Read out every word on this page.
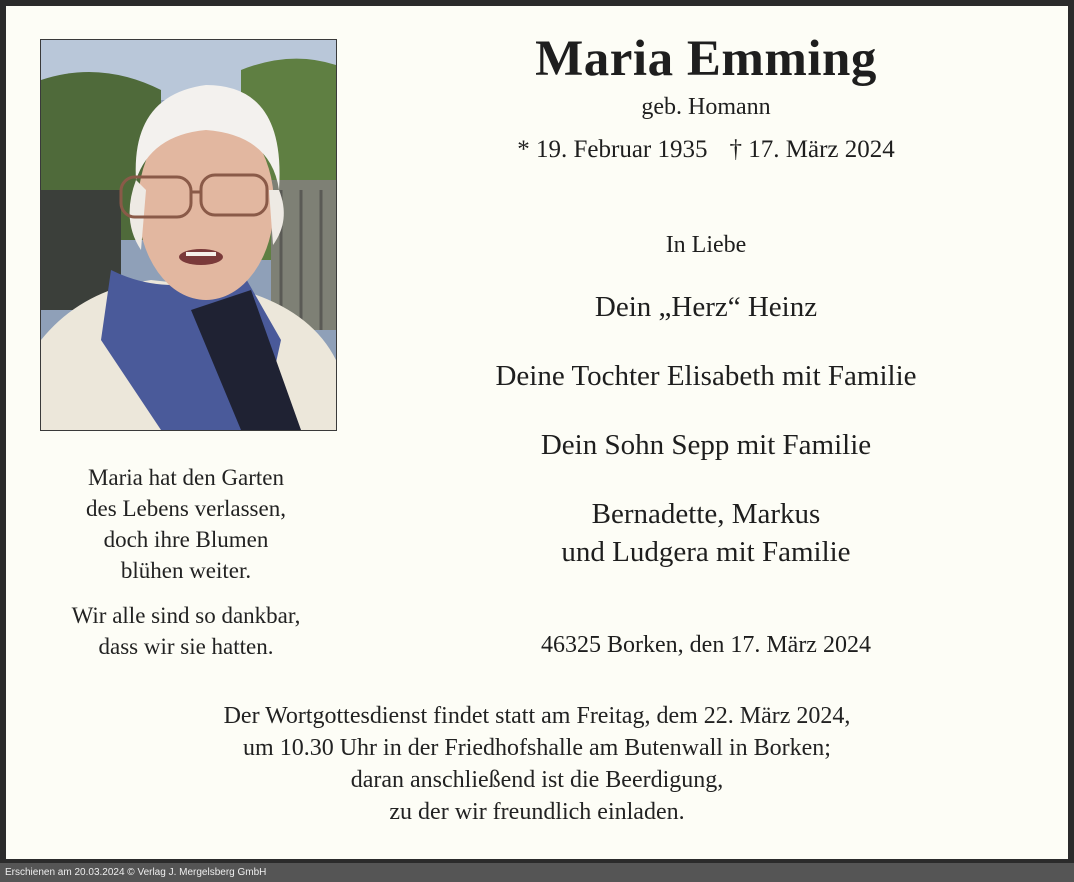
Maria hat den Garten
des Lebens verlassen,
doch ihre Blumen
blühen weiter.
Wir alle sind so dankbar,
dass wir sie hatten.
Maria Emming
geb. Homann
* 19. Februar 1935 † 17. März 2024
In Liebe
Dein „Herz“ Heinz
Deine Tochter Elisabeth mit Familie
Dein Sohn Sepp mit Familie
Bernadette, Markus
und Ludgera mit Familie
46325 Borken, den 17. März 2024
Der Wortgottesdienst findet statt am Freitag, dem 22. März 2024,
um 10.30 Uhr in der Friedhofshalle am Butenwall in Borken;
daran anschließend ist die Beerdigung,
zu der wir freundlich einladen.
Erschienen am 20.03.2024 © Verlag J. Mergelsberg GmbH
